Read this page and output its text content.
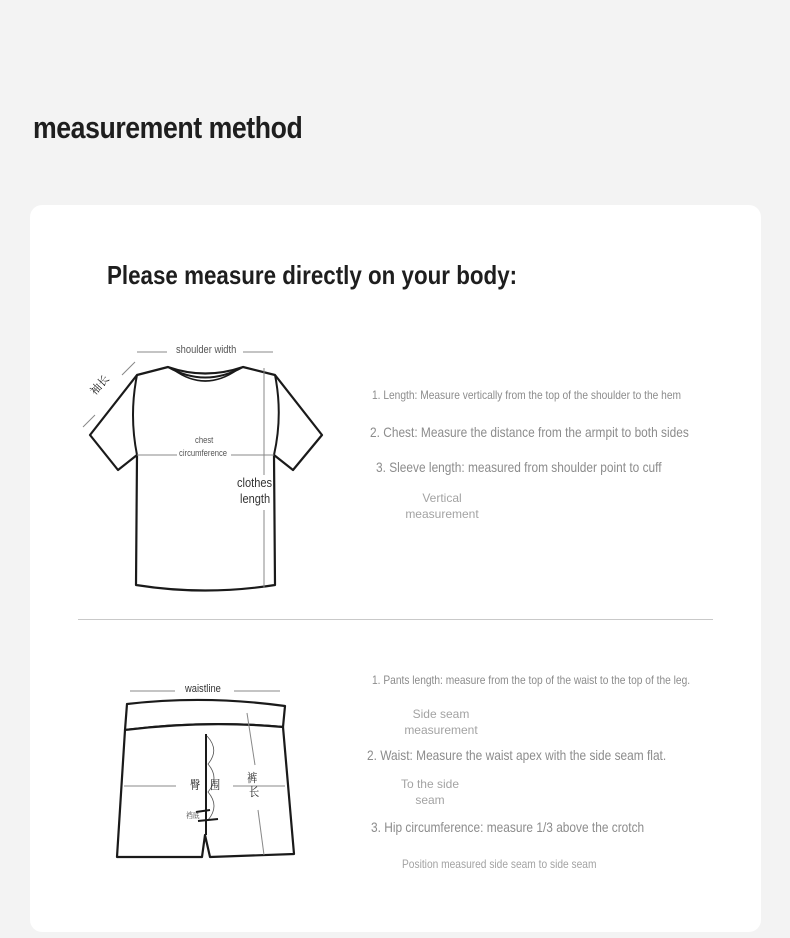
measurement method
Please measure directly on your body:
shoulder width
袖长
chest
circumference
clothes
length
1. Length: Measure vertically from the top of the shoulder to the hem
2. Chest: Measure the distance from the armpit to both sides
3. Sleeve length: measured from shoulder point to cuff
Vertical
measurement
waistline
臀 围 裤
长
裆底
1. Pants length: measure from the top of the waist to the top of the leg.
Side seam
measurement
2. Waist: Measure the waist apex with the side seam flat.
To the side
seam
3. Hip circumference: measure 1/3 above the crotch
Position measured side seam to side seam
